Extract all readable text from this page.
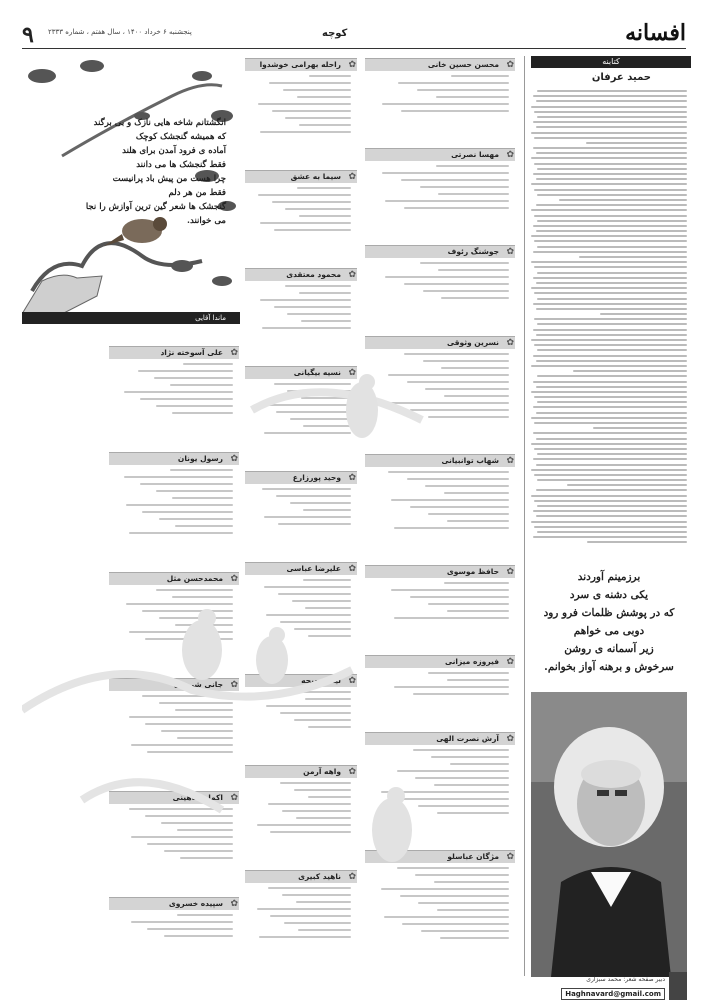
۹ پنجشنبه ۶ خرداد ۱۴۰۰ ، سال هفتم ، شماره ۲۳۳۳	کوچه	افسانه
کتابنه
حمید عرفان
برزمینم آوردند
یکی دشنه ی سرد
که در پوشش ظلمات فرو رود
دوبی می خواهم
زیر آسمانه ی روشن
سرخوش و برهنه آواز بخوانم.
دبیر صفحه شعر: محمد سبزاری
Haghnavard@gmail.com
✿
محسن حسین خانی
✿
مهسا نصرتی
✿
جوشنگ رئوف
✿
نسرین وثوقی
✿
شهاب توانبیانی
✿
حافظ موسوی
✿
فیروزه میزانی
✿
آرش نصرت الهی
✿
مژگان عباسلو
✿
راحله بهرامی خوشدوا
✿
سیما به عشق
✿
محمود معتقدی
✿
نسیه بیگیانی
✿
وحید پورزارع
✿
علیرضا عباسی
✿
لیلا کردبچه
✿
واهه آرمن
✿
ناهید کبیری
✿
علی آسوخته نژاد
✿
رسول یونان
✿
محمدحسن مثل
✿
جانی شریفی
✿
اکمل شاهینی
✿
سپیده خسروی
انگشتانم شاخه هایی نازک و بی برگند
که همیشه گنجشک کوچک
آماده ی فرود آمدن برای هلند
فقط گنجشک ها می دانند
چرا هست من پیش باد پرانیست
فقط من هر دلم
گنجشک ها شعر گین ترین آوازش را نجا می خوانند.
ماندا آقایی
